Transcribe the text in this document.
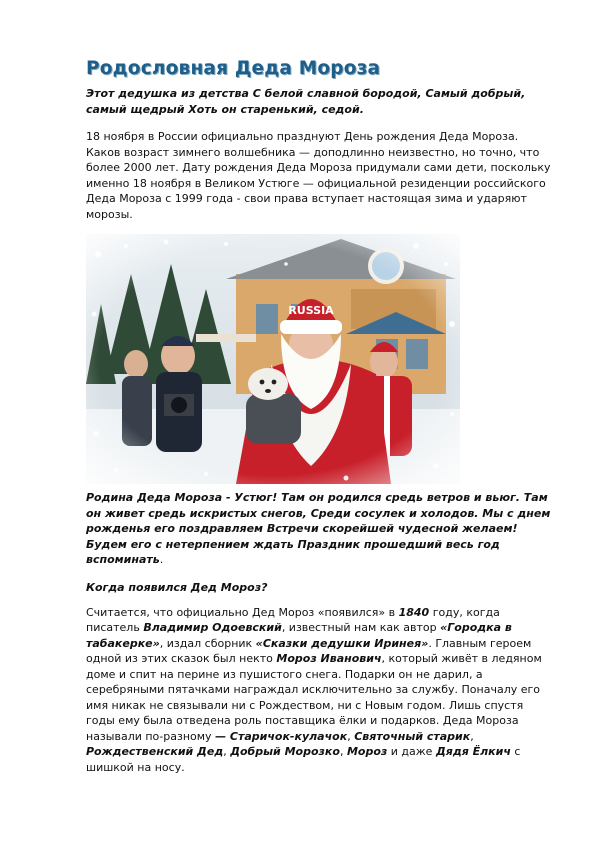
Родословная Деда Мороза
Этот дедушка из детства С белой славной бородой, Самый добрый, самый щедрый Хоть он старенький, седой.
18 ноября в России официально празднуют День рождения Деда Мороза. Каков возраст зимнего волшебника — доподлинно неизвестно, но точно, что более 2000 лет. Дату рождения Деда Мороза придумали сами дети, поскольку именно 18 ноября в Великом Устюге — официальной резиденции российского Деда Мороза с 1999 года - свои права вступает настоящая зима и ударяют морозы.
Родина Деда Мороза - Устюг! Там он родился средь ветров и вьюг. Там он живет средь искристых снегов, Среди сосулек и холодов. Мы с днем рожденья его поздравляем Встречи скорейшей чудесной желаем! Будем его с нетерпением ждать Праздник прошедший весь год вспоминать.
Когда появился Дед Мороз?
Считается, что официально Дед Мороз «появился» в 1840 году, когда писатель Владимир Одоевский, известный нам как автор «Городка в табакерке», издал сборник «Сказки дедушки Иринея». Главным героем одной из этих сказок был некто Мороз Иванович, который живёт в ледяном доме и спит на перине из пушистого снега. Подарки он не дарил, а серебряными пятачками награждал исключительно за службу. Поначалу его имя никак не связывали ни с Рождеством, ни с Новым годом. Лишь спустя годы ему была отведена роль поставщика ёлки и подарков. Деда Мороза называли по-разному — Старичок-кулачок, Святочный старик, Рождественский Дед, Добрый Морозко, Мороз и даже Дядя Ёлкич с шишкой на носу.
